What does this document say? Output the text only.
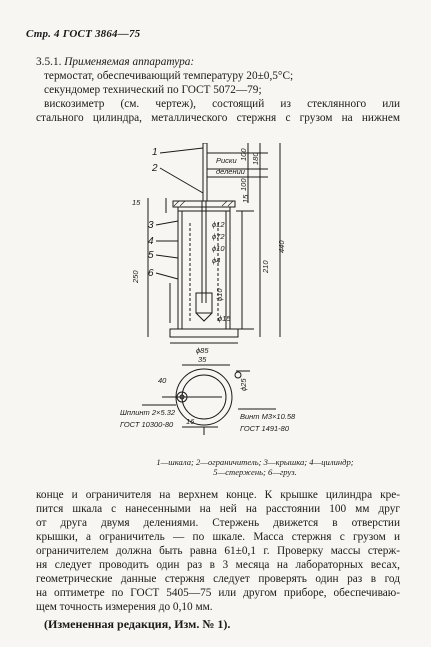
Стр. 4 ГОСТ 3864—75
3.5.1. Применяемая аппаратура:
термостат, обеспечивающий температуру 20±0,5°С;
секундомер технический по ГОСТ 5072—79;
вискозиметр (см. чертеж), состоящий из стеклянного или
стального цилиндра, металлического стержня с грузом на нижнем
1
2
3
4
5
6
Риски
делений
15
100
100
180
15
440
250
210
ϕ12
ϕ72
ϕ10
ϕ4
ϕ10
ϕ15
ϕ85
35
ϕ25
16
40
Шплинт 2×5.32
ГОСТ 10300-80
Винт М3×10.58
ГОСТ 1491-80
1—шкала; 2—ограничитель; 3—крышка; 4—цилиндр;
5—стержень; 6—груз.
конце и ограничителя на верхнем конце. К крышке цилиндра кре-
пится шкала с нанесенными на ней на расстоянии 100 мм друг
от друга двумя делениями. Стержень движется в отверстии
крышки, а ограничитель — по шкале. Масса стержня с грузом и
ограничителем должна быть равна 61±0,1 г. Проверку массы стерж-
ня следует проводить один раз в 3 месяца на лабораторных весах,
геометрические данные стержня следует проверять один раз в год
на оптиметре по ГОСТ 5405—75 или другом приборе, обеспечиваю-
щем точность измерения до 0,10 мм.
(Измененная редакция, Изм. № 1).
